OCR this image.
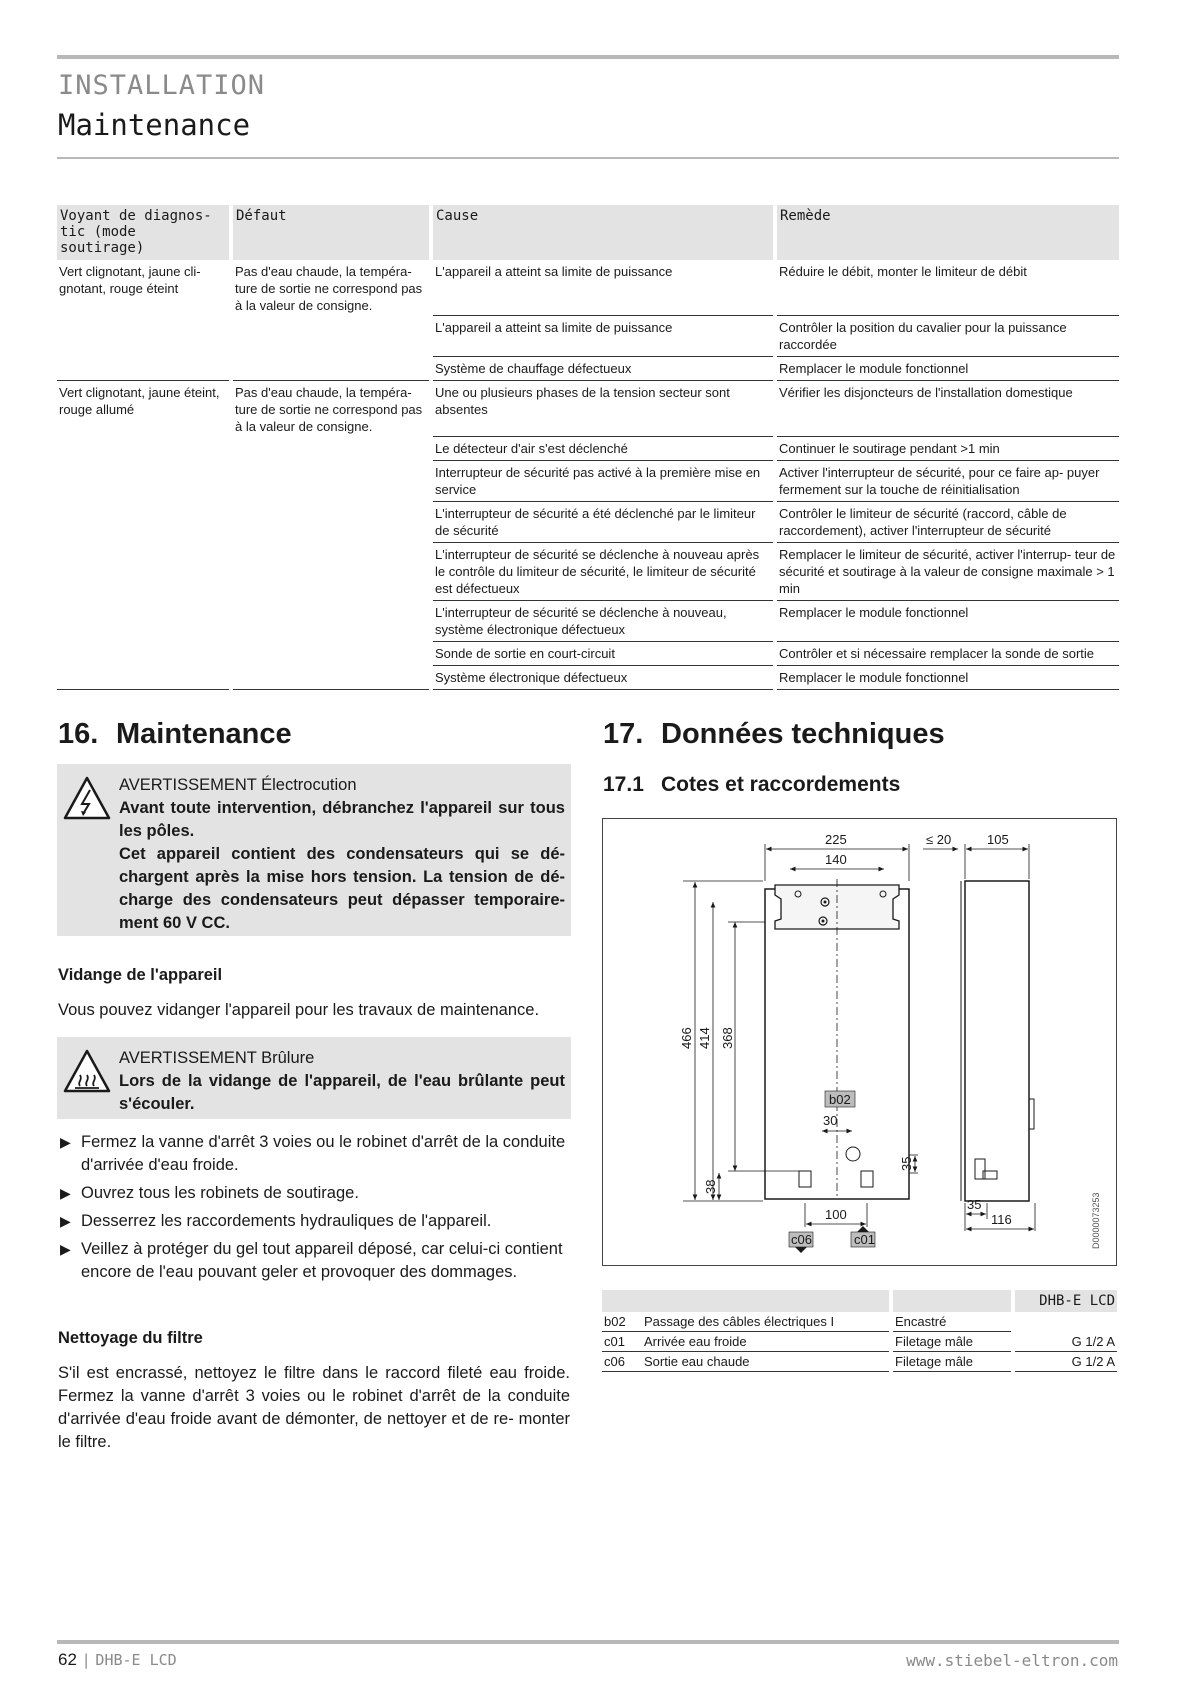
INSTALLATION
Maintenance
Voyant de diagnos- tic (mode soutirage)	Défaut	Cause	Remède
Vert clignotant, jaune cli- gnotant, rouge éteint	Pas d'eau chaude, la tempéra- ture de sortie ne correspond pas à la valeur de consigne.	L'appareil a atteint sa limite de puissance	Réduire le débit, monter le limiteur de débit
		L'appareil a atteint sa limite de puissance	Contrôler la position du cavalier pour la puissance raccordée
		Système de chauffage défectueux	Remplacer le module fonctionnel
Vert clignotant, jaune éteint, rouge allumé	Pas d'eau chaude, la tempéra- ture de sortie ne correspond pas à la valeur de consigne.	Une ou plusieurs phases de la tension secteur sont absentes	Vérifier les disjoncteurs de l'installation domestique
		Le détecteur d'air s'est déclenché	Continuer le soutirage pendant >1 min
		Interrupteur de sécurité pas activé à la première mise en service	Activer l'interrupteur de sécurité, pour ce faire ap- puyer fermement sur la touche de réinitialisation
		L'interrupteur de sécurité a été déclenché par le limiteur de sécurité	Contrôler le limiteur de sécurité (raccord, câble de raccordement), activer l'interrupteur de sécurité
		L'interrupteur de sécurité se déclenche à nouveau après le contrôle du limiteur de sécurité, le limiteur de sécurité est défectueux	Remplacer le limiteur de sécurité, activer l'interrup- teur de sécurité et soutirage à la valeur de consigne maximale > 1 min
		L'interrupteur de sécurité se déclenche à nouveau, système électronique défectueux	Remplacer le module fonctionnel
		Sonde de sortie en court-circuit	Contrôler et si nécessaire remplacer la sonde de sortie
		Système électronique défectueux	Remplacer le module fonctionnel
16. Maintenance
AVERTISSEMENT Électrocution
Avant toute intervention, débranchez l'appareil sur tous les pôles.
Cet appareil contient des condensateurs qui se dé- chargent après la mise hors tension. La tension de dé- charge des condensateurs peut dépasser temporaire- ment 60 V CC.
Vidange de l'appareil
Vous pouvez vidanger l'appareil pour les travaux de maintenance.
AVERTISSEMENT Brûlure
Lors de la vidange de l'appareil, de l'eau brûlante peut s'écouler.
▶ Fermez la vanne d'arrêt 3 voies ou le robinet d'arrêt de la conduite d'arrivée d'eau froide.
▶ Ouvrez tous les robinets de soutirage.
▶ Desserrez les raccordements hydrauliques de l'appareil.
▶ Veillez à protéger du gel tout appareil déposé, car celui-ci contient encore de l'eau pouvant geler et provoquer des dommages.
Nettoyage du filtre
S'il est encrassé, nettoyez le filtre dans le raccord fileté eau froide. Fermez la vanne d'arrêt 3 voies ou le robinet d'arrêt de la conduite d'arrivée d'eau froide avant de démonter, de nettoyer et de re- monter le filtre.
17. Données techniques
17.1 Cotes et raccordements
225
140
466 414 368
38
b02
30
35
100
c06	c01
≤ 20	105
35
116	D0000073253
					DHB-E LCD
b02	Passage des câbles électriques I		Encastré		
c01	Arrivée eau froide		Filetage mâle		G 1/2 A
c06	Sortie eau chaude		Filetage mâle		G 1/2 A
62 | DHB-E LCD	www.stiebel-eltron.com
